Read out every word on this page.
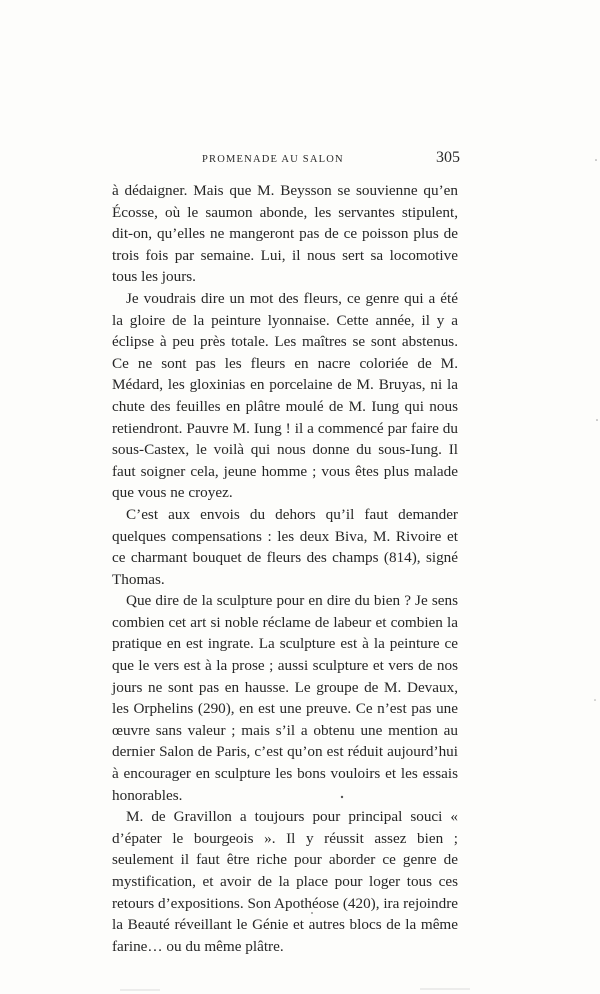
PROMENADE AU SALON	305

à dédaigner. Mais que M. Beysson se souvienne qu’en Écosse, où le saumon abonde, les servantes stipulent, dit-on, qu’elles ne mangeront pas de ce poisson plus de trois fois par semaine. Lui, il nous sert sa locomotive tous les jours.

Je voudrais dire un mot des fleurs, ce genre qui a été la gloire de la peinture lyonnaise. Cette année, il y a éclipse à peu près totale. Les maîtres se sont abstenus. Ce ne sont pas les fleurs en nacre coloriée de M. Médard, les gloxinias en porcelaine de M. Bruyas, ni la chute des feuilles en plâtre moulé de M. Iung qui nous retiendront. Pauvre M. Iung ! il a commencé par faire du sous-Castex, le voilà qui nous donne du sous-Iung. Il faut soigner cela, jeune homme ; vous êtes plus malade que vous ne croyez.

C’est aux envois du dehors qu’il faut demander quelques compensations : les deux Biva, M. Rivoire et ce charmant bouquet de fleurs des champs (814), signé Thomas.

Que dire de la sculpture pour en dire du bien ? Je sens combien cet art si noble réclame de labeur et combien la pratique en est ingrate. La sculpture est à la peinture ce que le vers est à la prose ; aussi sculpture et vers de nos jours ne sont pas en hausse. Le groupe de M. Devaux, les Orphelins (290), en est une preuve. Ce n’est pas une œuvre sans valeur ; mais s’il a obtenu une mention au dernier Salon de Paris, c’est qu’on est réduit aujourd’hui à encourager en sculpture les bons vouloirs et les essais honorables.

M. de Gravillon a toujours pour principal souci « d’épater le bourgeois ». Il y réussit assez bien ; seulement il faut être riche pour aborder ce genre de mystification, et avoir de la place pour loger tous ces retours d’expositions. Son Apothéose (420), ira rejoindre la Beauté réveillant le Génie et autres blocs de la même farine… ou du même plâtre.
